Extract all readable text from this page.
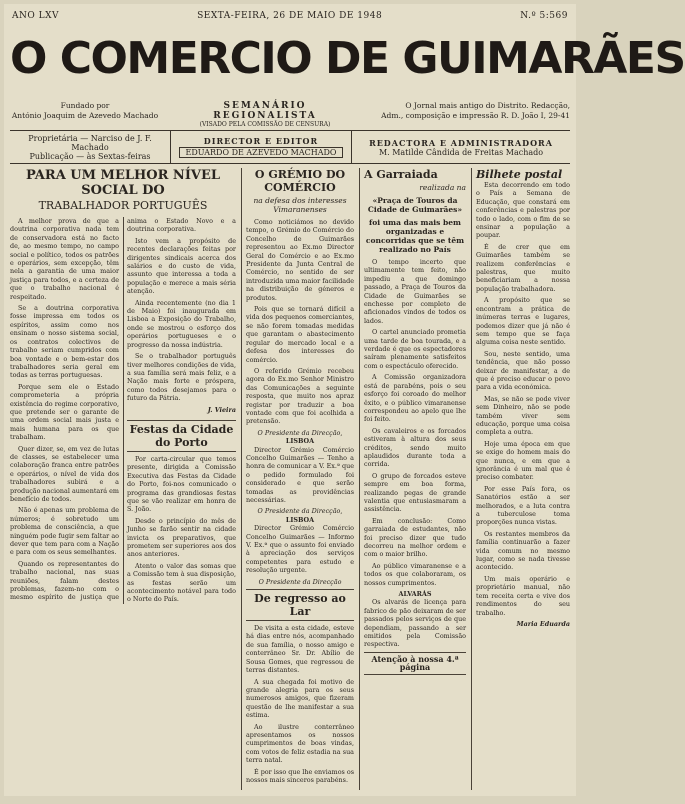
ANO LXV	SEXTA-FEIRA, 26 DE MAIO DE 1948	N.º 5:569
O COMERCIO DE GUIMARÃES
Fundado por
António Joaquim de Azevedo Machado
SEMANÁRIO REGIONALISTA
(VISADO PELA COMISSÃO DE CENSURA)
O Jornal mais antigo do Distrito. Redacção,
Adm., composição e impressão R. D. João I, 29-41
Proprietária — Narciso de J. F. Machado
Publicação — às Sextas-feiras
DIRECTOR E EDITOR
EDUARDO DE AZEVEDO MACHADO
REDACTORA E ADMINISTRADORA
M. Matilde Cândida de Freitas Machado
PARA UM MELHOR NÍVEL SOCIAL DO
TRABALHADOR PORTUGUÊS

A melhor prova de que a doutrina corporativa nada tem de conservadora está no facto de, ao mesmo tempo, no campo social e político, todos os patrões e operários, sem excepção, têm nela a garantia de uma maior justiça para todos, e a certeza de que o trabalho nacional é respeitado.

Se a doutrina corporativa fosse impressa em todos os espíritos, assim como nos ensinam o nosso sistema social, os contratos colectivos de trabalho seriam cumpridos com boa vontade e o bem-estar dos trabalhadores seria geral em todas as terras portuguesas.

Porque sem ele o Estado comprometeria a própria existência do regime corporativo, que pretende ser o garante de uma ordem social mais justa e mais humana para os que trabalham.

Quer dizer, se, em vez de lutas de classes, se estabelecer uma colaboração franca entre patrões e operários, o nível de vida dos trabalhadores subirá e a produção nacional aumentará em benefício de todos.

Não é apenas um problema de números; é sobretudo um problema de consciência, a que ninguém pode fugir sem faltar ao dever que tem para com a Nação e para com os seus semelhantes.

Quando os representantes do trabalho nacional, nas suas reuniões, falam destes problemas, fazem-no com o mesmo espírito de justiça que anima o Estado Novo e a doutrina corporativa.

Isto vem a propósito de recentes declarações feitas por dirigentes sindicais acerca dos salários e do custo de vida, assunto que interessa a toda a população e merece a mais séria atenção.

Ainda recentemente (no dia 1 de Maio) foi inaugurada em Lisboa a Exposição do Trabalho, onde se mostrou o esforço dos operários portugueses e o progresso da nossa indústria.

Se o trabalhador português tiver melhores condições de vida, a sua família será mais feliz, e a Nação mais forte e próspera, como todos desejamos para o futuro da Pátria.

J. Vieira
Festas da Cidade do Porto

Por carta-circular que temos presente, dirigida a Comissão Executiva das Festas da Cidade do Porto, foi-nos comunicado o programa das grandiosas festas que se vão realizar em honra de S. João.

Desde o princípio do mês de Junho se farão sentir na cidade invicta os preparativos, que prometem ser superiores aos dos anos anteriores.

Atento o valor das somas que a Comissão tem à sua disposição, as festas serão um acontecimento notável para todo o Norte do País.

O GRÉMIO DO COMÉRCIO
na defesa dos interesses Vimaranenses

Como noticiámos no devido tempo, o Grémio do Comércio do Concelho de Guimarães representou ao Ex.mo Director Geral do Comércio e ao Ex.mo Presidente da Junta Central de Comércio, no sentido de ser introduzida uma maior facilidade na distribuição de géneros e produtos.

Pois que se tornará difícil a vida dos pequenos comerciantes, se não forem tomadas medidas que garantam o abastecimento regular do mercado local e a defesa dos interesses do comércio.

O referido Grémio recebeu agora do Ex.mo Senhor Ministro das Comunicações a seguinte resposta, que muito nos apraz registar por traduzir a boa vontade com que foi acolhida a pretensão.

O Presidente da Direcção,
LISBOA

Director Grémio Comércio Concelho Guimarães — Tenho a honra de comunicar a V. Ex.ª que o pedido formulado foi considerado e que serão tomadas as providências necessárias.

O Presidente da Direcção,
LISBOA

Director Grémio Comércio Concelho Guimarães — Informo V. Ex.ª que o assunto foi enviado à apreciação dos serviços competentes para estudo e resolução urgente.

O Presidente da Direcção
De regresso ao Lar

De visita a esta cidade, esteve há dias entre nós, acompanhado de sua família, o nosso amigo e conterrâneo Sr. Dr. Abílio de Sousa Gomes, que regressou de terras distantes.

A sua chegada foi motivo de grande alegria para os seus numerosos amigos, que fizeram questão de lhe manifestar a sua estima.

Ao ilustre conterrâneo apresentamos os nossos cumprimentos de boas vindas, com votos de feliz estadia na sua terra natal.

É por isso que lhe enviamos os nossos mais sinceros parabéns.

A Garraiada
realizada na
«Praça de Touros da Cidade de Guimarães»
foi uma das mais bem organizadas e concorridas que se têm realizado no País

O tempo incerto que ultimamente tem feito, não impediu a que domingo passado, a Praça de Touros da Cidade de Guimarães se enchesse por completo de aficionados vindos de todos os lados.

O cartel anunciado prometia uma tarde de boa tourada, e a verdade é que os espectadores saíram plenamente satisfeitos com o espectáculo oferecido.

A Comissão organizadora está de parabéns, pois o seu esforço foi coroado do melhor êxito, e o público vimaranense correspondeu ao apelo que lhe foi feito.

Os cavaleiros e os forcados estiveram à altura dos seus créditos, sendo muito aplaudidos durante toda a corrida.

O grupo de forcados esteve sempre em boa forma, realizando pegas de grande valentia que entusiasmaram a assistência.

Em conclusão: Como garraiada de estudantes, não foi preciso dizer que tudo decorreu na melhor ordem e com o maior brilho.

Ao público vimaranense e a todos os que colaboraram, os nossos cumprimentos.

ALVARÁS

Os alvarás de licença para fabrico de pão deixaram de ser passados pelos serviços de que dependiam, passando a ser emitidos pela Comissão respectiva.

Atenção à nossa 4.ª página
Bilhete postal

Esta decorrendo em todo o País a Semana de Educação, que constará em conferências e palestras por todo o lado, com o fim de se ensinar a população a poupar.

É de crer que em Guimarães também se realizem conferências e palestras, que muito beneficiariam a nossa população trabalhadora.

A propósito que se encontram a prática de inúmeras terras e lugares, podemos dizer que já não é sem tempo que se faça alguma coisa neste sentido.

Sou, neste sentido, uma tendência, que não posso deixar de manifestar, a de que é preciso educar o povo para a vida económica.

Mas, se não se pode viver sem Dinheiro, não se pode também viver sem educação, porque uma coisa completa a outra.

Hoje uma época em que se exige do homem mais do que nunca, e em que a ignorância é um mal que é preciso combater.

Por esse País fora, os Sanatórios estão a ser melhorados, e a luta contra a tuberculose toma proporções nunca vistas.

Os restantes membros da família continuarão a fazer vida comum no mesmo lugar, como se nada tivesse acontecido.

Um mais operário e proprietário manual, não tem receita certa e vive dos rendimentos do seu trabalho.

Maria Eduarda
